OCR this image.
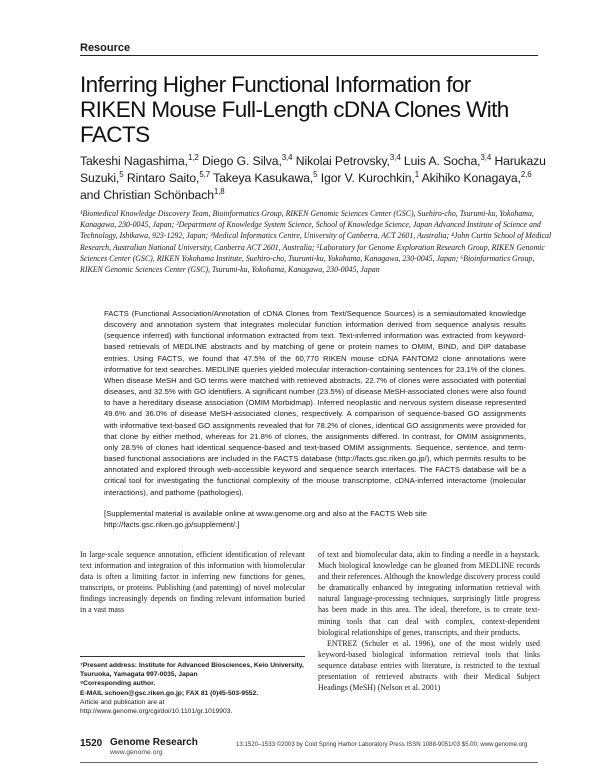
Resource
Inferring Higher Functional Information for RIKEN Mouse Full-Length cDNA Clones With FACTS
Takeshi Nagashima,$^{1,2}$ Diego G. Silva,$^{3,4}$ Nikolai Petrovsky,$^{3,4}$ Luis A. Socha,$^{3,4}$ Harukazu Suzuki,$^5$ Rintaro Saito,$^{5,7}$ Takeya Kasukawa,$^5$ Igor V. Kurochkin,$^1$ Akihiko Konagaya,$^{2,6}$ and Christian Schönbach$^{1,8}$
¹Biomedical Knowledge Discovery Team, Bioinformatics Group, RIKEN Genomic Sciences Center (GSC), Suehiro-cho, Tsurumi-ku, Yokohama, Kanagawa, 230-0045, Japan; ²Department of Knowledge System Science, School of Knowledge Science, Japan Advanced Institute of Science and Technology, Ishikawa, 923-1292, Japan; ³Medical Informatics Centre, University of Canberra, ACT 2601, Australia; ⁴John Curtin School of Medical Research, Australian National University, Canberra ACT 2601, Australia; ⁵Laboratory for Genome Exploration Research Group, RIKEN Genomic Sciences Center (GSC), RIKEN Yokohama Institute, Suehiro-cho, Tsurumi-ku, Yokohama, Kanagawa, 230-0045, Japan; ⁶Bioinformatics Group, RIKEN Genomic Sciences Center (GSC), Tsurumi-ku, Yokohama, Kanagawa, 230-0045, Japan
FACTS (Functional Association/Annotation of cDNA Clones from Text/Sequence Sources) is a semiautomated knowledge discovery and annotation system that integrates molecular function information derived from sequence analysis results (sequence inferred) with functional information extracted from text. Text-inferred information was extracted from keyword-based retrievals of MEDLINE abstracts and by matching of gene or protein names to OMIM, BIND, and DIP database entries. Using FACTS, we found that 47.5% of the 60,770 RIKEN mouse cDNA FANTOM2 clone annotations were informative for text searches. MEDLINE queries yielded molecular interaction-containing sentences for 23.1% of the clones. When disease MeSH and GO terms were matched with retrieved abstracts, 22.7% of clones were associated with potential diseases, and 32.5% with GO identifiers. A significant number (23.5%) of disease MeSH-associated clones were also found to have a hereditary disease association (OMIM Morbidmap). Inferred neoplastic and nervous system disease represented 49.6% and 36.0% of disease MeSH-associated clones, respectively. A comparison of sequence-based GO assignments with informative text-based GO assignments revealed that for 78.2% of clones, identical GO assignments were provided for that clone by either method, whereas for 21.8% of clones, the assignments differed. In contrast, for OMIM assignments, only 28.5% of clones had identical sequence-based and text-based OMIM assignments. Sequence, sentence, and term-based functional associations are included in the FACTS database (http://facts.gsc.riken.go.jp/), which permits results to be annotated and explored through web-accessible keyword and sequence search interfaces. The FACTS database will be a critical tool for investigating the functional complexity of the mouse transcriptome, cDNA-inferred interactome (molecular interactions), and pathome (pathologies).
[Supplemental material is available online at www.genome.org and also at the FACTS Web site http://facts.gsc.riken.go.jp/supplement/.]

In large-scale sequence annotation, efficient identification of relevant text information and integration of this information with biomolecular data is often a limiting factor in inferring new functions for genes, transcripts, or proteins. Publishing (and patenting) of novel molecular findings increasingly depends on finding relevant information buried in a vast mass

of text and biomolecular data, akin to finding a needle in a haystack. Much biological knowledge can be gleaned from MEDLINE records and their references. Although the knowledge discovery process could be dramatically enhanced by integrating information retrieval with natural language-processing techniques, surprisingly little progress has been made in this area. The ideal, therefore, is to create text-mining tools that can deal with complex, context-dependent biological relationships of genes, transcripts, and their products.

ENTREZ (Schuler et al. 1996), one of the most widely used keyword-based biological information retrieval tools that links sequence database entries with literature, is restricted to the textual presentation of retrieved abstracts with their Medical Subject Headings (MeSH) (Nelson et al. 2001)

⁷Present address: Institute for Advanced Biosciences, Keio University, Tsuruoka, Yamagata 997-0035, Japan
⁸Corresponding author.
E-MAIL schoen@gsc.riken.go.jp; FAX 81 (0)45-503-9552.
Article and publication are at http://www.genome.org/cgi/doi/10.1101/gr.1019903.
1520 Genome Research
www.genome.org
13:1520–1533 ©2003 by Cold Spring Harbor Laboratory Press ISSN 1088-9051/03 $5.00; www.genome.org
